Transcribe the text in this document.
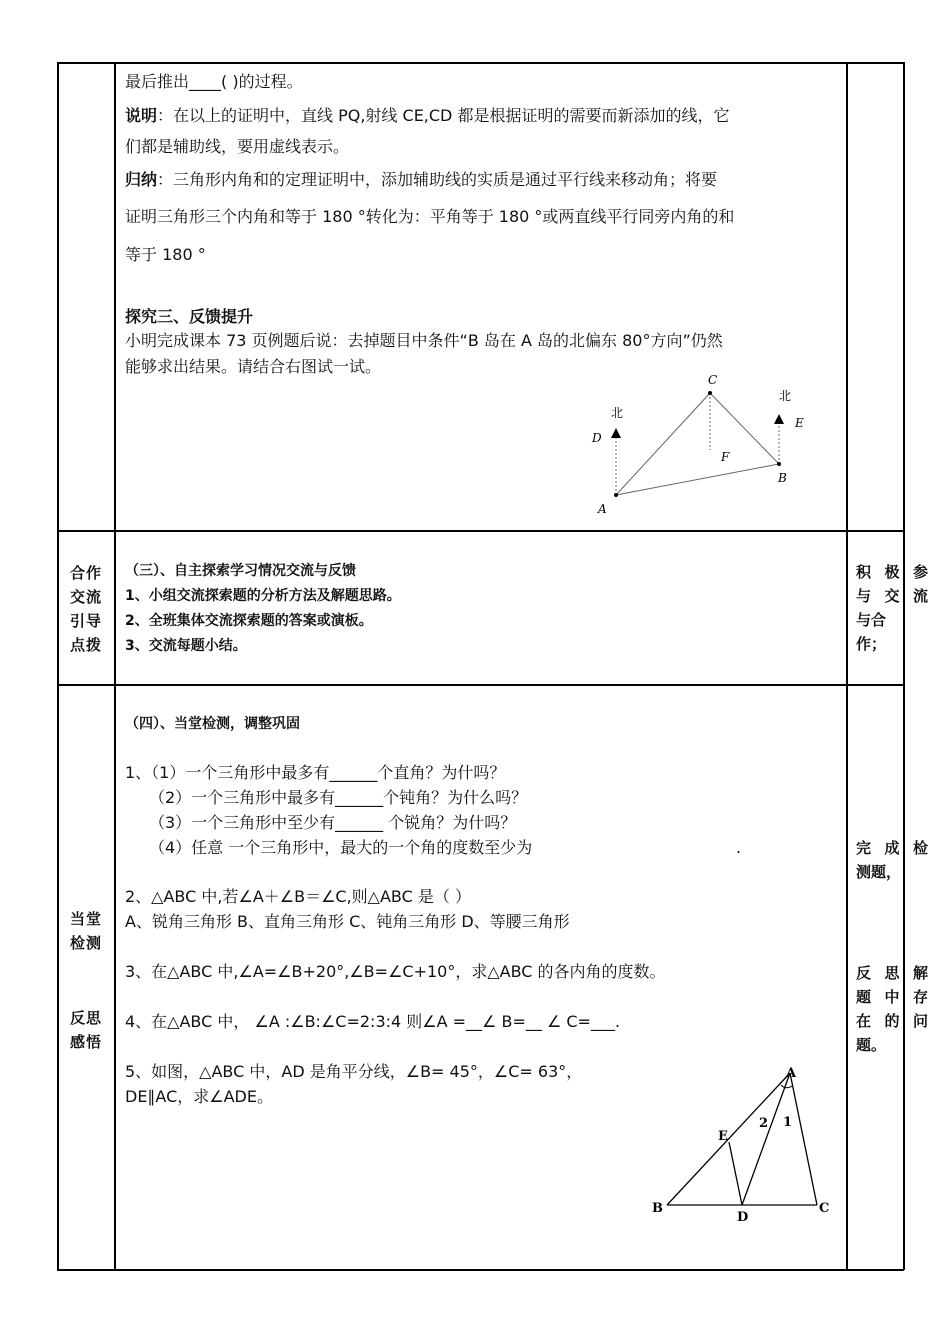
最后推出____( )的过程。
说明：在以上的证明中，直线 PQ,射线 CE,CD 都是根据证明的需要而新添加的线，它
们都是辅助线，要用虚线表示。
归纳：三角形内角和的定理证明中，添加辅助线的实质是通过平行线来移动角；将要
证明三角形三个内角和等于 180 °转化为：平角等于 180 °或两直线平行同旁内角的和
等于 180 °
探究三、反馈提升
小明完成课本 73 页例题后说：去掉题目中条件“B 岛在 A 岛的北偏东 80°方向”仍然
能够求出结果。请结合右图试一试。
C
北
北
D
E
F
B
A
合作
交流
引导
点拨
（三）、自主探索学习情况交流与反馈
1、小组交流探索题的分析方法及解题思路。
2、全班集体交流探索题的答案或演板。
3、交流每题小结。
积极参
与交流
与合
作；
当堂
检测
反思
感悟
（四）、当堂检测，调整巩固
1、（1）一个三角形中最多有______个直角？为什吗？
（2）一个三角形中最多有______个钝角？为什么吗？
（3）一个三角形中至少有______ 个锐角？为什吗？
（4）任意 一个三角形中，最大的一个角的度数至少为	.
2、△ABC 中,若∠A＋∠B＝∠C,则△ABC 是（ ）
A、锐角三角形 B、直角三角形 C、钝角三角形 D、等腰三角形
3、在△ABC 中,∠A=∠B+20°,∠B=∠C+10°，求△ABC 的各内角的度数。
4、在△ABC 中， ∠A :∠B:∠C=2:3:4 则∠A =__∠ B=__ ∠ C=___.
5、如图，△ABC 中，AD 是角平分线，∠B= 45°，∠C= 63°，
DE∥AC，求∠ADE。
A
E
2 1
B
D
C
完 成 检
测题，
反 思 解
题 中 存
在 的 问
题。
